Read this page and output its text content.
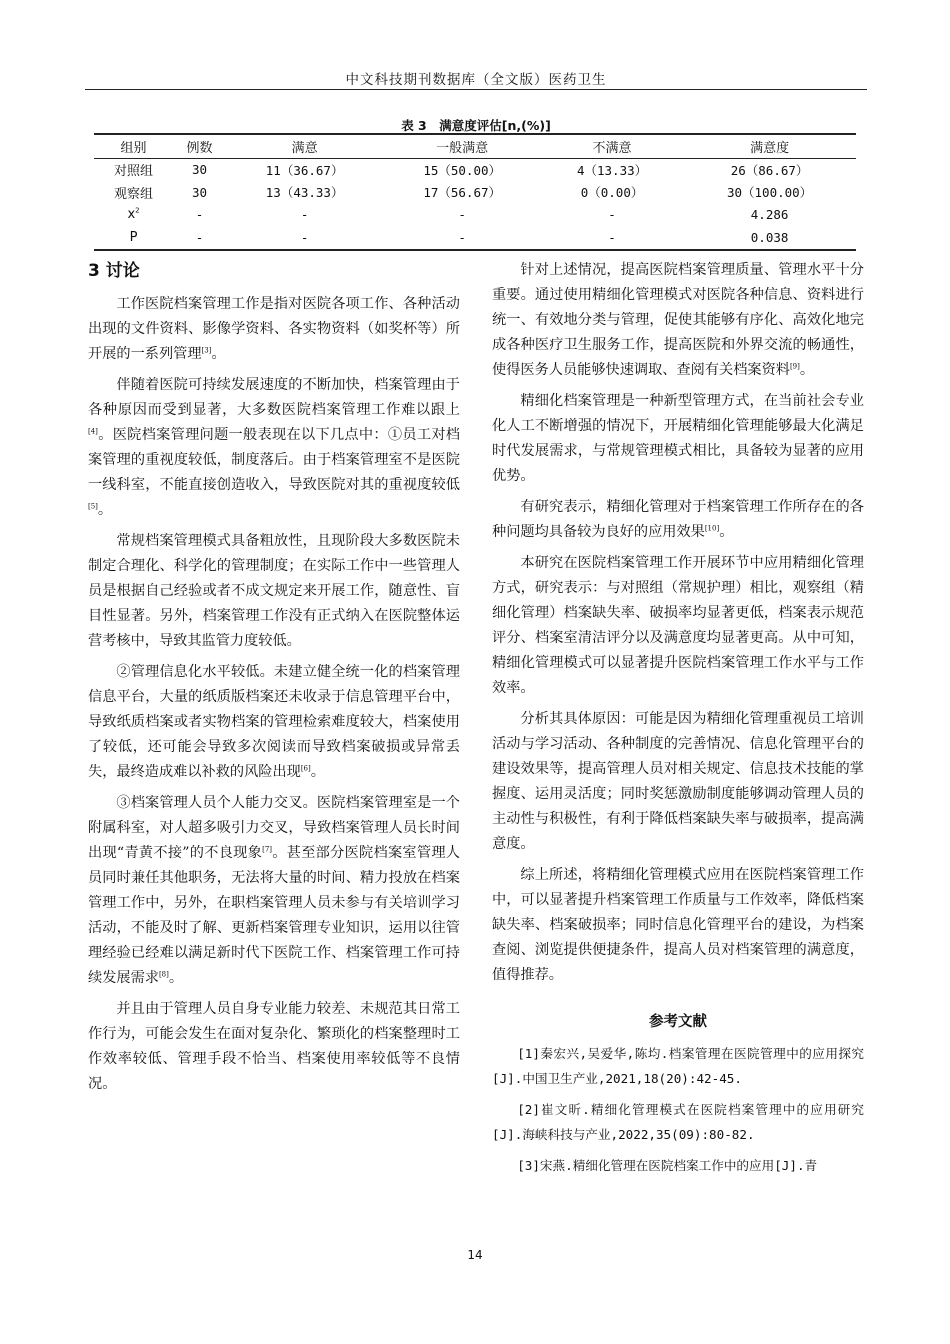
中文科技期刊数据库（全文版）医药卫生
表 3　满意度评估[n,(%)]
组别	例数	满意	一般满意	不满意	满意度
对照组	30	11（36.67）	15（50.00）	4（13.33）	26（86.67）
观察组	30	13（43.33）	17（56.67）	0（0.00）	30（100.00）
$x^2$	-	-	-	-	4.286
P	-	-	-	-	0.038
3 讨论

工作医院档案管理工作是指对医院各项工作、各种活动出现的文件资料、影像学资料、各实物资料（如奖杯等）所开展的一系列管理[3]。

伴随着医院可持续发展速度的不断加快，档案管理由于各种原因而受到显著，大多数医院档案管理工作难以跟上[4]。医院档案管理问题一般表现在以下几点中：①员工对档案管理的重视度较低，制度落后。由于档案管理室不是医院一线科室，不能直接创造收入，导致医院对其的重视度较低[5]。

常规档案管理模式具备粗放性，且现阶段大多数医院未制定合理化、科学化的管理制度；在实际工作中一些管理人员是根据自己经验或者不成文规定来开展工作，随意性、盲目性显著。另外，档案管理工作没有正式纳入在医院整体运营考核中，导致其监管力度较低。

②管理信息化水平较低。未建立健全统一化的档案管理信息平台，大量的纸质版档案还未收录于信息管理平台中，导致纸质档案或者实物档案的管理检索难度较大，档案使用了较低，还可能会导致多次阅读而导致档案破损或异常丢失，最终造成难以补救的风险出现[6]。

③档案管理人员个人能力交叉。医院档案管理室是一个附属科室，对人超多吸引力交叉，导致档案管理人员长时间出现“青黄不接”的不良现象[7]。甚至部分医院档案室管理人员同时兼任其他职务，无法将大量的时间、精力投放在档案管理工作中，另外，在职档案管理人员未参与有关培训学习活动，不能及时了解、更新档案管理专业知识，运用以往管理经验已经难以满足新时代下医院工作、档案管理工作可持续发展需求[8]。

并且由于管理人员自身专业能力较差、未规范其日常工作行为，可能会发生在面对复杂化、繁琐化的档案整理时工作效率较低、管理手段不恰当、档案使用率较低等不良情况。

针对上述情况，提高医院档案管理质量、管理水平十分重要。通过使用精细化管理模式对医院各种信息、资料进行统一、有效地分类与管理，促使其能够有序化、高效化地完成各种医疗卫生服务工作，提高医院和外界交流的畅通性，使得医务人员能够快速调取、查阅有关档案资料[9]。

精细化档案管理是一种新型管理方式，在当前社会专业化人工不断增强的情况下，开展精细化管理能够最大化满足时代发展需求，与常规管理模式相比，具备较为显著的应用优势。

有研究表示，精细化管理对于档案管理工作所存在的各种问题均具备较为良好的应用效果[10]。

本研究在医院档案管理工作开展环节中应用精细化管理方式，研究表示：与对照组（常规护理）相比，观察组（精细化管理）档案缺失率、破损率均显著更低，档案表示规范评分、档案室清洁评分以及满意度均显著更高。从中可知，精细化管理模式可以显著提升医院档案管理工作水平与工作效率。

分析其具体原因：可能是因为精细化管理重视员工培训活动与学习活动、各种制度的完善情况、信息化管理平台的建设效果等，提高管理人员对相关规定、信息技术技能的掌握度、运用灵活度；同时奖惩激励制度能够调动管理人员的主动性与积极性，有利于降低档案缺失率与破损率，提高满意度。

综上所述，将精细化管理模式应用在医院档案管理工作中，可以显著提升档案管理工作质量与工作效率，降低档案缺失率、档案破损率；同时信息化管理平台的建设，为档案查阅、浏览提供便捷条件，提高人员对档案管理的满意度，值得推荐。

参考文献

[1]秦宏兴,吴爱华,陈均.档案管理在医院管理中的应用探究[J].中国卫生产业,2021,18(20):42-45.

[2]崔文昕.精细化管理模式在医院档案管理中的应用研究[J].海峡科技与产业,2022,35(09):80-82.

[3]宋燕.精细化管理在医院档案工作中的应用[J].青

14
